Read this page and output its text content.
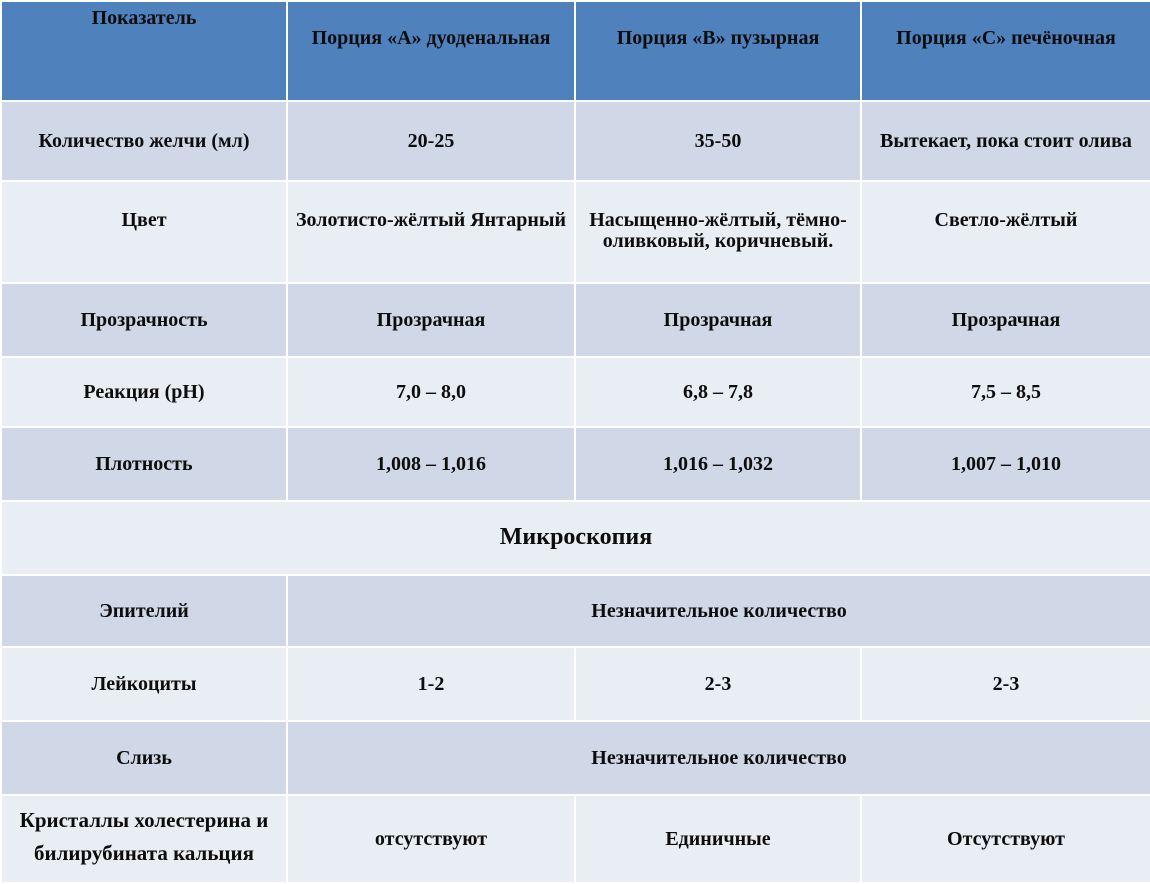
Показатель	Порция «А» дуоденальная	Порция «В» пузырная	Порция «С» печёночная
Количество желчи (мл)	20-25	35-50	Вытекает, пока стоит олива
Цвет	Золотисто-жёлтый Янтарный	Насыщенно-жёлтый, тёмно-оливковый, коричневый.	Светло-жёлтый
Прозрачность	Прозрачная	Прозрачная	Прозрачная
Реакция (pH)	7,0 – 8,0	6,8 – 7,8	7,5 – 8,5
Плотность	1,008 – 1,016	1,016 – 1,032	1,007 – 1,010
Микроскопия			
Эпителий	Незначительное количество		
Лейкоциты	1-2	2-3	2-3
Слизь	Незначительное количество		
Кристаллы холестерина и билирубината кальция	отсутствуют	Единичные	Отсутствуют
